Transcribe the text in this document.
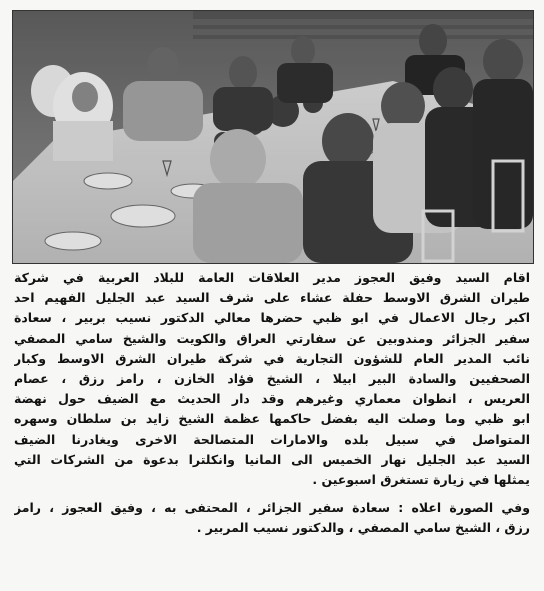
اقام السيد وفيق العجوز مدير العلاقات العامة للبلاد العربية في شركة

طيران الشرق الاوسط حفلة عشاء على شرف السيد عبد الجليل الفهيم احد

اكبر رجال الاعمال في ابو ظبي حضرها معالي الدكتور نسيب بربير ، سعادة

سفير الجزائر ومندوبين عن سفارتي العراق والكويت والشيخ سامي المصفي

نائب المدير العام للشؤون التجارية في شركة طيران الشرق الاوسط وكبار

الصحفيين والسادة البير ابيلا ، الشيخ فؤاد الخازن ، رامز رزق ، عصام

العريس ، انطوان معماري وغيرهم وقد دار الحديث مع الضيف حول نهضة

ابو ظبي وما وصلت اليه بفضل حاكمها عظمة الشيخ زايد بن سلطان وسهره

المتواصل في سبيل بلده والامارات المتصالحة الاخرى ويغادرنا الضيف

السيد عبد الجليل نهار الخميس الى المانيا وانكلترا بدعوة من الشركات التي

يمثلها في زيارة تستغرق اسبوعين .

وفي الصورة اعلاه : سعادة سفير الجزائر ، المحتفى به ، وفيق العجوز ، رامز

رزق ، الشيخ سامي المصفي ، والدكتور نسيب المربير .
